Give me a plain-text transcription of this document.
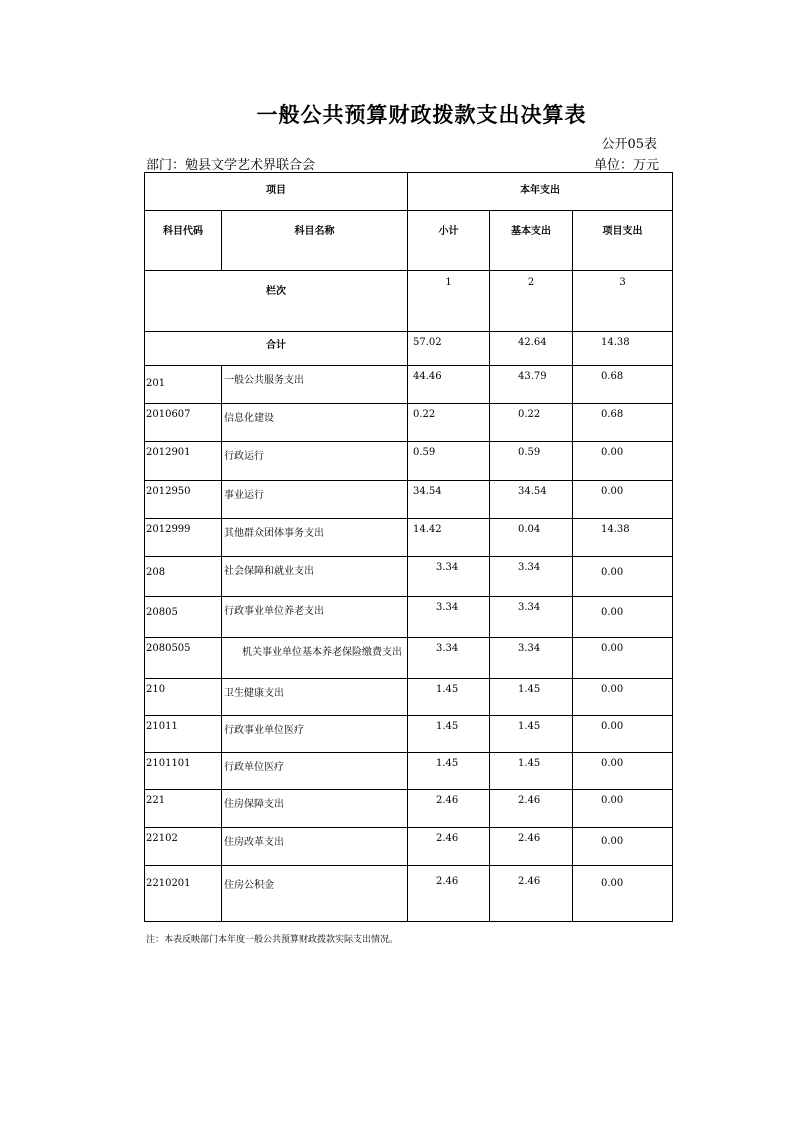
一般公共预算财政拨款支出决算表
公开05表
部门：勉县文学艺术界联合会	单位：万元
项目		本年支出		
科目代码	科目名称	小计	基本支出	项目支出
栏次		1	2	3
合计		57.02	42.64	14.38
201	一般公共服务支出	44.46	43.79	0.68
2010607	信息化建设	0.22	0.22	0.68
2012901	行政运行	0.59	0.59	0.00
2012950	事业运行	34.54	34.54	0.00
2012999	其他群众团体事务支出	14.42	0.04	14.38
208	社会保障和就业支出	3.34	3.34	0.00
20805	行政事业单位养老支出	3.34	3.34	0.00
2080505	机关事业单位基本养老保险缴费支出	3.34	3.34	0.00
210	卫生健康支出	1.45	1.45	0.00
21011	行政事业单位医疗	1.45	1.45	0.00
2101101	行政单位医疗	1.45	1.45	0.00
221	住房保障支出	2.46	2.46	0.00
22102	住房改革支出	2.46	2.46	0.00
2210201	住房公积金	2.46	2.46	0.00
注：本表反映部门本年度一般公共预算财政拨款实际支出情况。
